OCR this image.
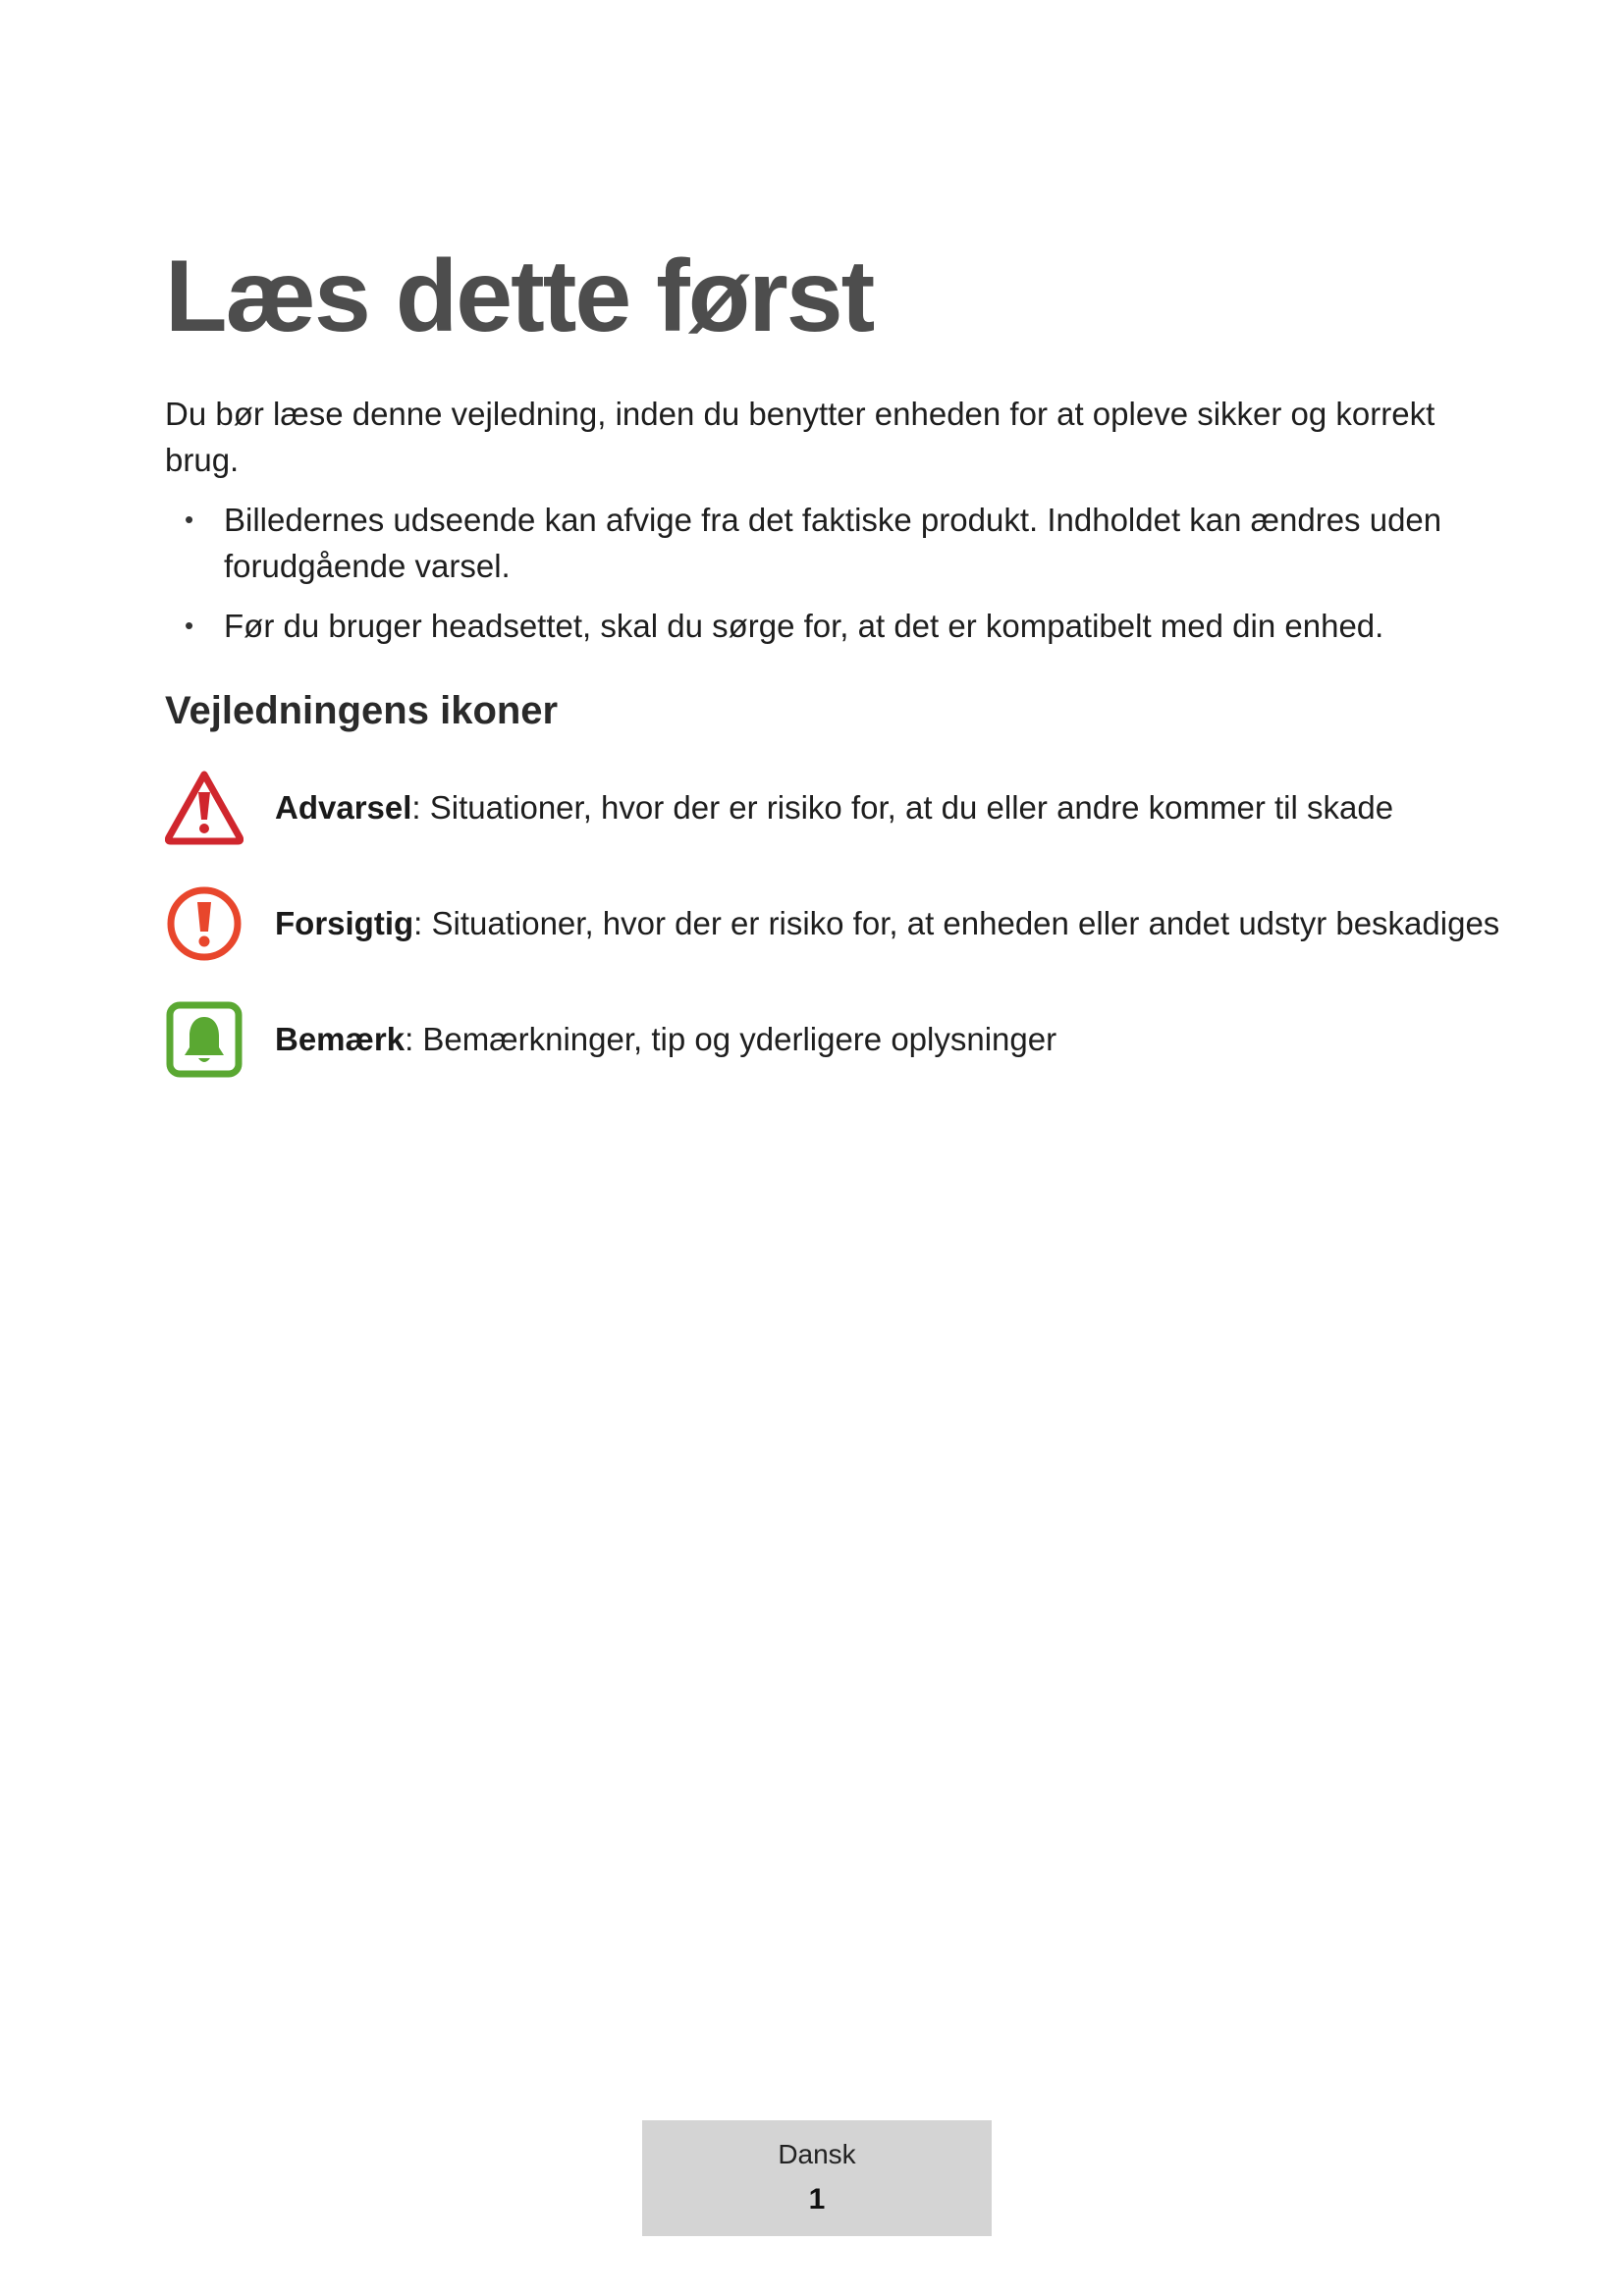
Læs dette først

Du bør læse denne vejledning, inden du benytter enheden for at opleve sikker og korrekt brug.

• Billedernes udseende kan afvige fra det faktiske produkt. Indholdet kan ændres uden forudgående varsel.
• Før du bruger headsettet, skal du sørge for, at det er kompatibelt med din enhed.
Vejledningens ikoner
Advarsel: Situationer, hvor der er risiko for, at du eller andre kommer til skade
Forsigtig: Situationer, hvor der er risiko for, at enheden eller andet udstyr beskadiges
Bemærk: Bemærkninger, tip og yderligere oplysninger
Dansk
1
